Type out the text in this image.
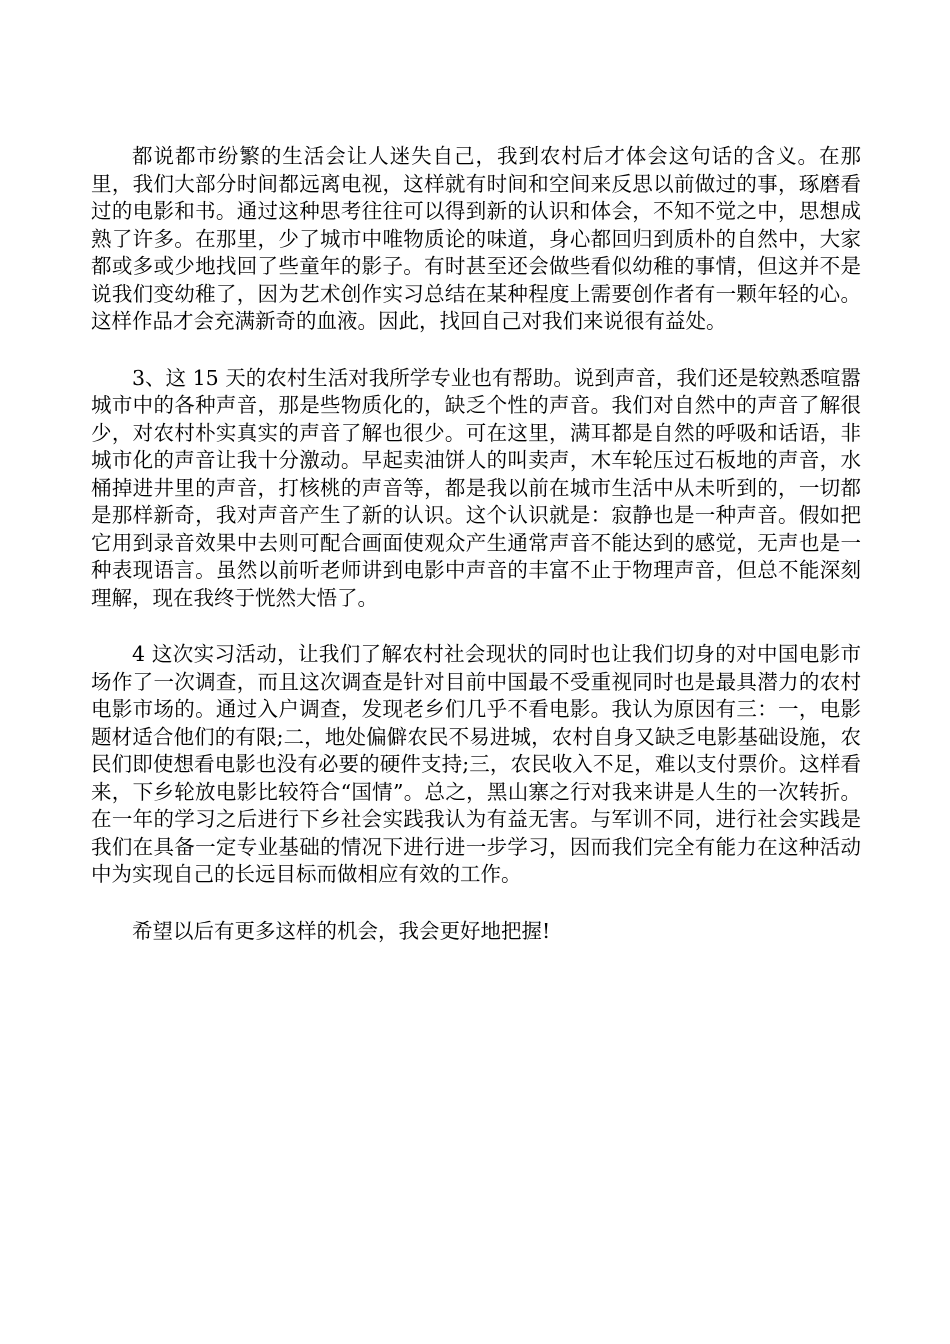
都说都市纷繁的生活会让人迷失自己，我到农村后才体会这句话的含义。在那里，我们大部分时间都远离电视，这样就有时间和空间来反思以前做过的事，琢磨看过的电影和书。通过这种思考往往可以得到新的认识和体会，不知不觉之中，思想成熟了许多。在那里，少了城市中唯物质论的味道，身心都回归到质朴的自然中，大家都或多或少地找回了些童年的影子。有时甚至还会做些看似幼稚的事情，但这并不是说我们变幼稚了，因为艺术创作实习总结在某种程度上需要创作者有一颗年轻的心。这样作品才会充满新奇的血液。因此，找回自己对我们来说很有益处。

3、这 15 天的农村生活对我所学专业也有帮助。说到声音，我们还是较熟悉喧嚣城市中的各种声音，那是些物质化的，缺乏个性的声音。我们对自然中的声音了解很少，对农村朴实真实的声音了解也很少。可在这里，满耳都是自然的呼吸和话语，非城市化的声音让我十分激动。早起卖油饼人的叫卖声，木车轮压过石板地的声音，水桶掉进井里的声音，打核桃的声音等，都是我以前在城市生活中从未听到的，一切都是那样新奇，我对声音产生了新的认识。这个认识就是：寂静也是一种声音。假如把它用到录音效果中去则可配合画面使观众产生通常声音不能达到的感觉，无声也是一种表现语言。虽然以前听老师讲到电影中声音的丰富不止于物理声音，但总不能深刻理解，现在我终于恍然大悟了。

4 这次实习活动，让我们了解农村社会现状的同时也让我们切身的对中国电影市场作了一次调查，而且这次调查是针对目前中国最不受重视同时也是最具潜力的农村电影市场的。通过入户调查，发现老乡们几乎不看电影。我认为原因有三：一，电影题材适合他们的有限;二，地处偏僻农民不易进城，农村自身又缺乏电影基础设施，农民们即使想看电影也没有必要的硬件支持;三，农民收入不足，难以支付票价。这样看来，下乡轮放电影比较符合“国情”。总之，黑山寨之行对我来讲是人生的一次转折。在一年的学习之后进行下乡社会实践我认为有益无害。与军训不同，进行社会实践是我们在具备一定专业基础的情况下进行进一步学习，因而我们完全有能力在这种活动中为实现自己的长远目标而做相应有效的工作。

希望以后有更多这样的机会，我会更好地把握!
